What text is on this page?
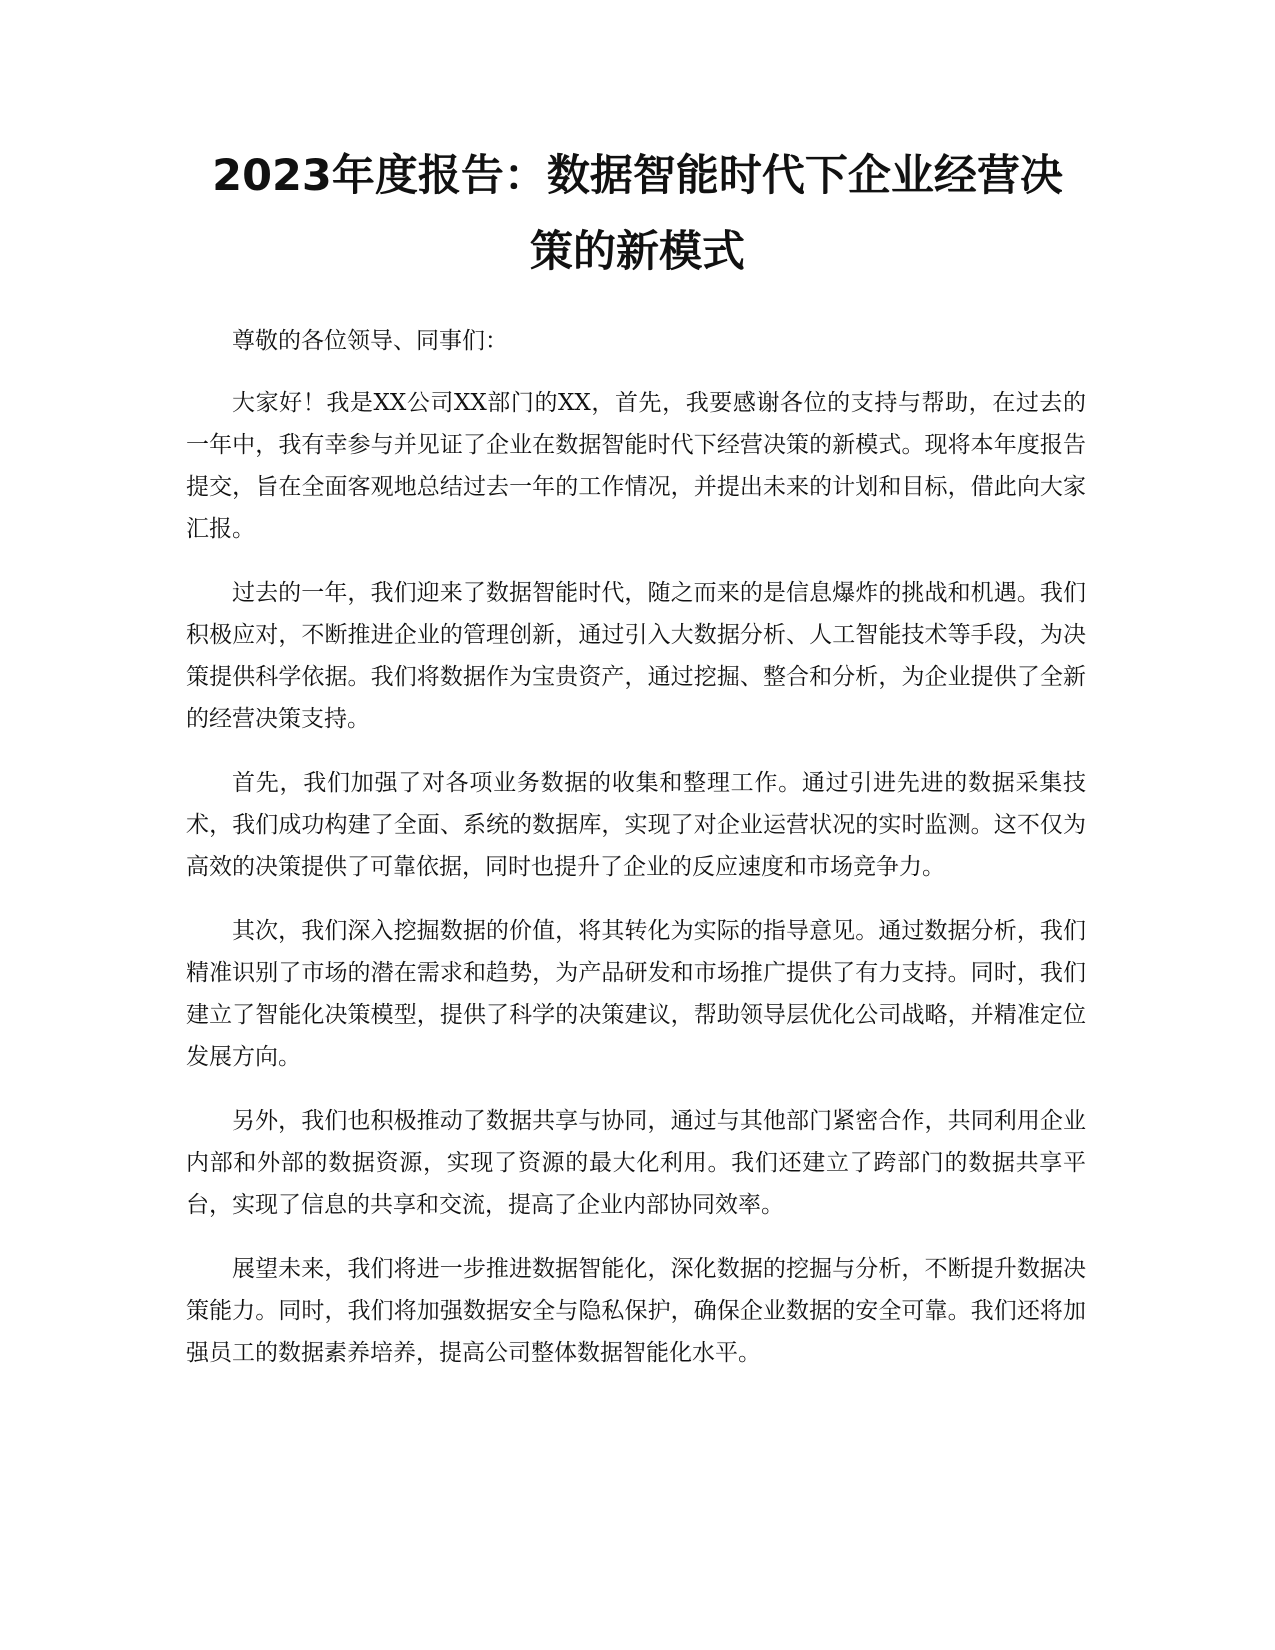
2023年度报告：数据智能时代下企业经营决
策的新模式

尊敬的各位领导、同事们：

大家好！我是XX公司XX部门的XX，首先，我要感谢各位的支持与帮助，在过去的一年中，我有幸参与并见证了企业在数据智能时代下经营决策的新模式。现将本年度报告提交，旨在全面客观地总结过去一年的工作情况，并提出未来的计划和目标，借此向大家汇报。

过去的一年，我们迎来了数据智能时代，随之而来的是信息爆炸的挑战和机遇。我们积极应对，不断推进企业的管理创新，通过引入大数据分析、人工智能技术等手段，为决策提供科学依据。我们将数据作为宝贵资产，通过挖掘、整合和分析，为企业提供了全新的经营决策支持。

首先，我们加强了对各项业务数据的收集和整理工作。通过引进先进的数据采集技术，我们成功构建了全面、系统的数据库，实现了对企业运营状况的实时监测。这不仅为高效的决策提供了可靠依据，同时也提升了企业的反应速度和市场竞争力。

其次，我们深入挖掘数据的价值，将其转化为实际的指导意见。通过数据分析，我们精准识别了市场的潜在需求和趋势，为产品研发和市场推广提供了有力支持。同时，我们建立了智能化决策模型，提供了科学的决策建议，帮助领导层优化公司战略，并精准定位发展方向。

另外，我们也积极推动了数据共享与协同，通过与其他部门紧密合作，共同利用企业内部和外部的数据资源，实现了资源的最大化利用。我们还建立了跨部门的数据共享平台，实现了信息的共享和交流，提高了企业内部协同效率。

展望未来，我们将进一步推进数据智能化，深化数据的挖掘与分析，不断提升数据决策能力。同时，我们将加强数据安全与隐私保护，确保企业数据的安全可靠。我们还将加强员工的数据素养培养，提高公司整体数据智能化水平。
